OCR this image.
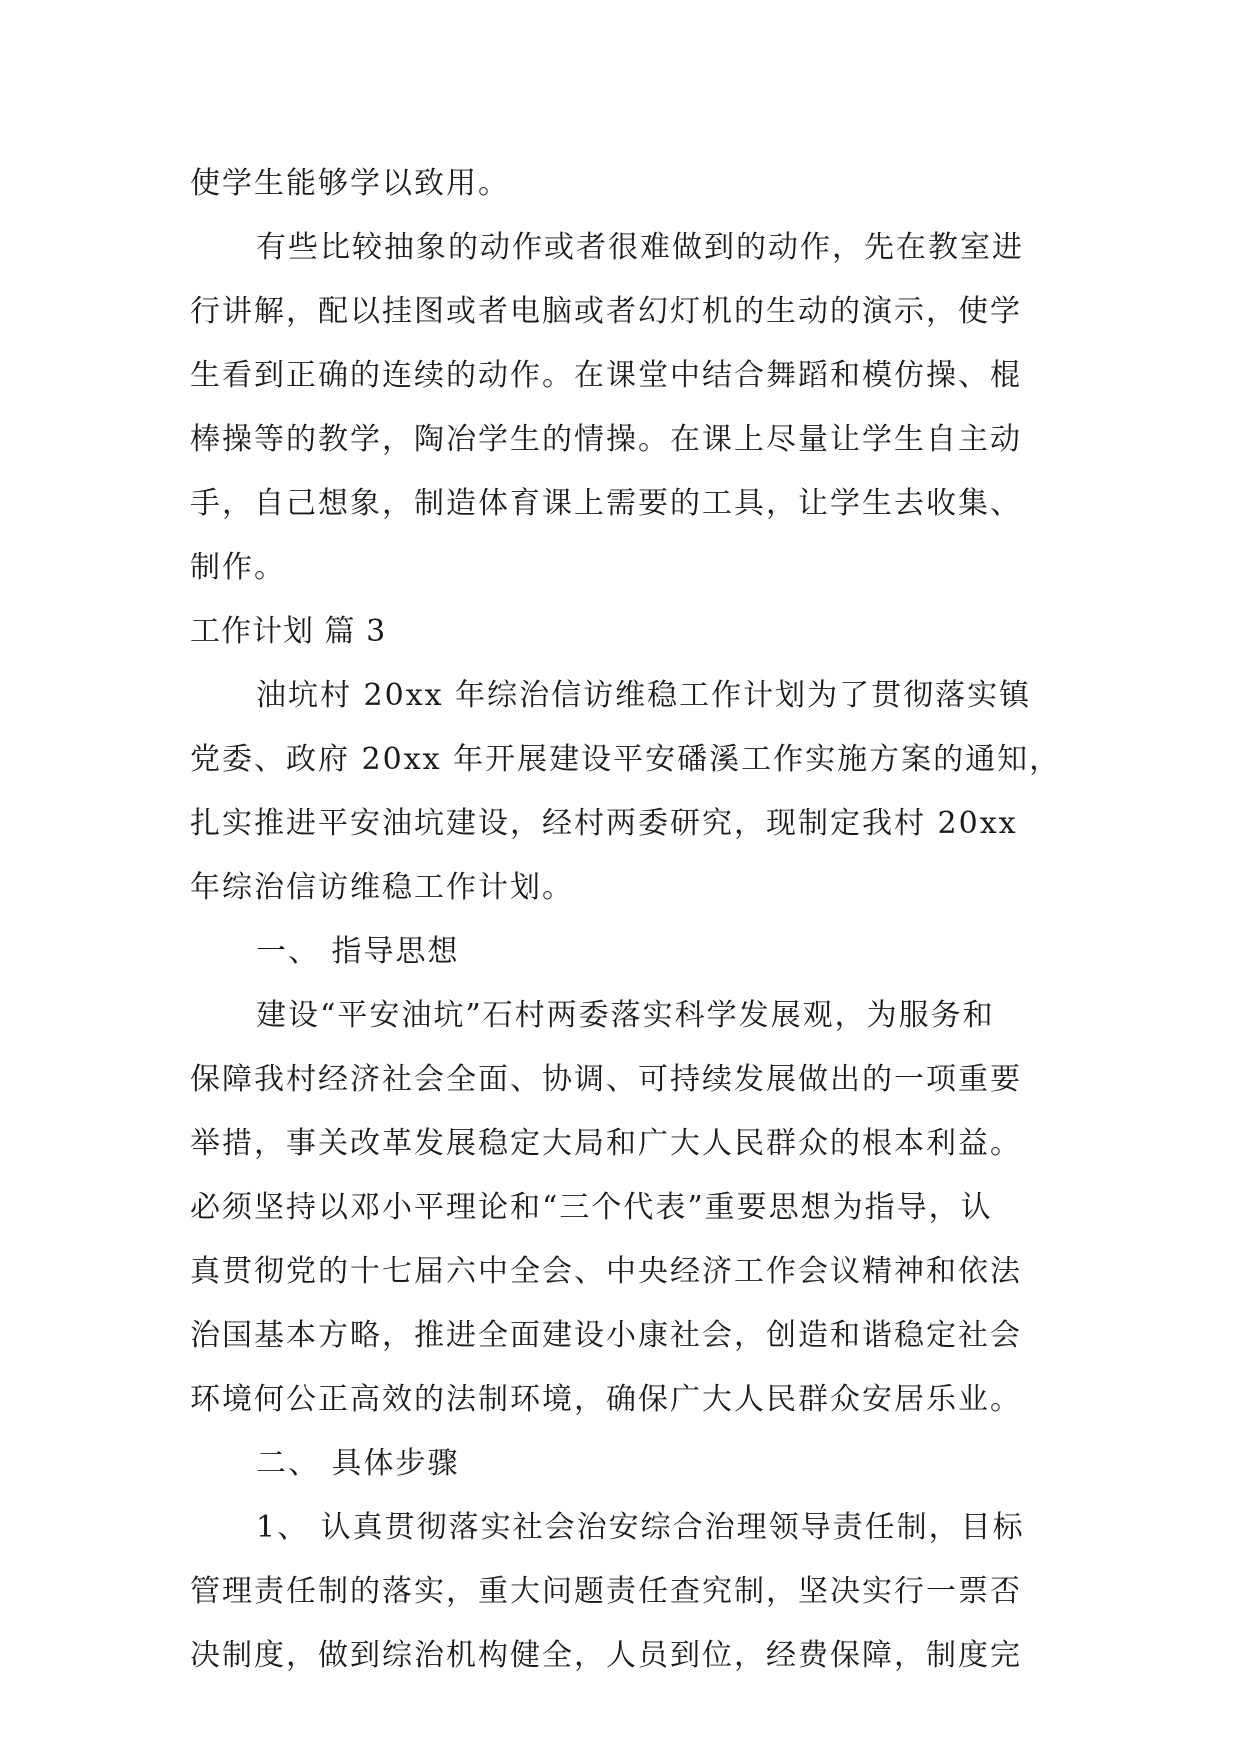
使学生能够学以致用。
有些比较抽象的动作或者很难做到的动作，先在教室进
行讲解，配以挂图或者电脑或者幻灯机的生动的演示，使学
生看到正确的连续的动作。在课堂中结合舞蹈和模仿操、棍
棒操等的教学，陶冶学生的情操。在课上尽量让学生自主动
手，自己想象，制造体育课上需要的工具，让学生去收集、
制作。
工作计划 篇 3
油坑村 20xx 年综治信访维稳工作计划为了贯彻落实镇
党委、政府 20xx 年开展建设平安磻溪工作实施方案的通知，
扎实推进平安油坑建设，经村两委研究，现制定我村 20xx
年综治信访维稳工作计划。
一、 指导思想
建设“平安油坑”石村两委落实科学发展观，为服务和
保障我村经济社会全面、协调、可持续发展做出的一项重要
举措，事关改革发展稳定大局和广大人民群众的根本利益。
必须坚持以邓小平理论和“三个代表”重要思想为指导，认
真贯彻党的十七届六中全会、中央经济工作会议精神和依法
治国基本方略，推进全面建设小康社会，创造和谐稳定社会
环境何公正高效的法制环境，确保广大人民群众安居乐业。
二、 具体步骤
1、 认真贯彻落实社会治安综合治理领导责任制，目标
管理责任制的落实，重大问题责任查究制，坚决实行一票否
决制度，做到综治机构健全，人员到位，经费保障，制度完
